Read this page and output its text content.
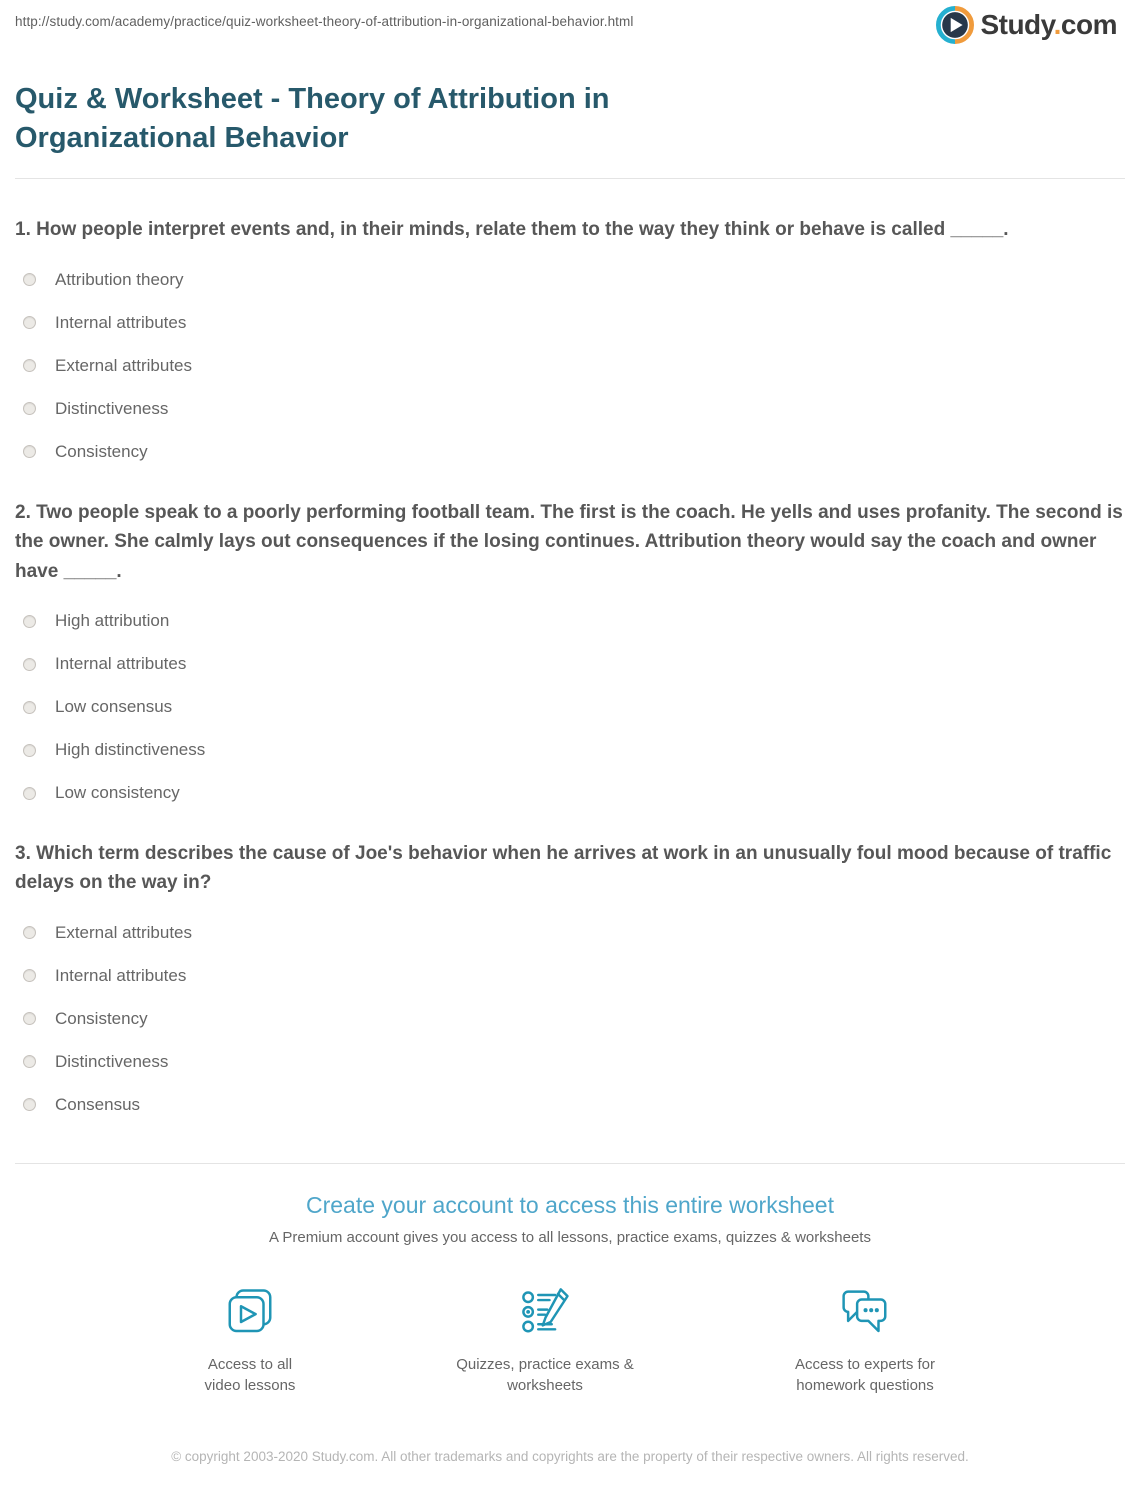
http://study.com/academy/practice/quiz-worksheet-theory-of-attribution-in-organizational-behavior.html	Study.com
Quiz & Worksheet - Theory of Attribution in Organizational Behavior
1. How people interpret events and, in their minds, relate them to the way they think or behave is called _____.
Attribution theory
Internal attributes
External attributes
Distinctiveness
Consistency
2. Two people speak to a poorly performing football team. The first is the coach. He yells and uses profanity. The second is the owner. She calmly lays out consequences if the losing continues. Attribution theory would say the coach and owner have _____.
High attribution
Internal attributes
Low consensus
High distinctiveness
Low consistency
3. Which term describes the cause of Joe's behavior when he arrives at work in an unusually foul mood because of traffic delays on the way in?
External attributes
Internal attributes
Consistency
Distinctiveness
Consensus
Create your account to access this entire worksheet
A Premium account gives you access to all lessons, practice exams, quizzes & worksheets
Access to all video lessons
Quizzes, practice exams & worksheets
Access to experts for homework questions
© copyright 2003-2020 Study.com. All other trademarks and copyrights are the property of their respective owners. All rights reserved.
